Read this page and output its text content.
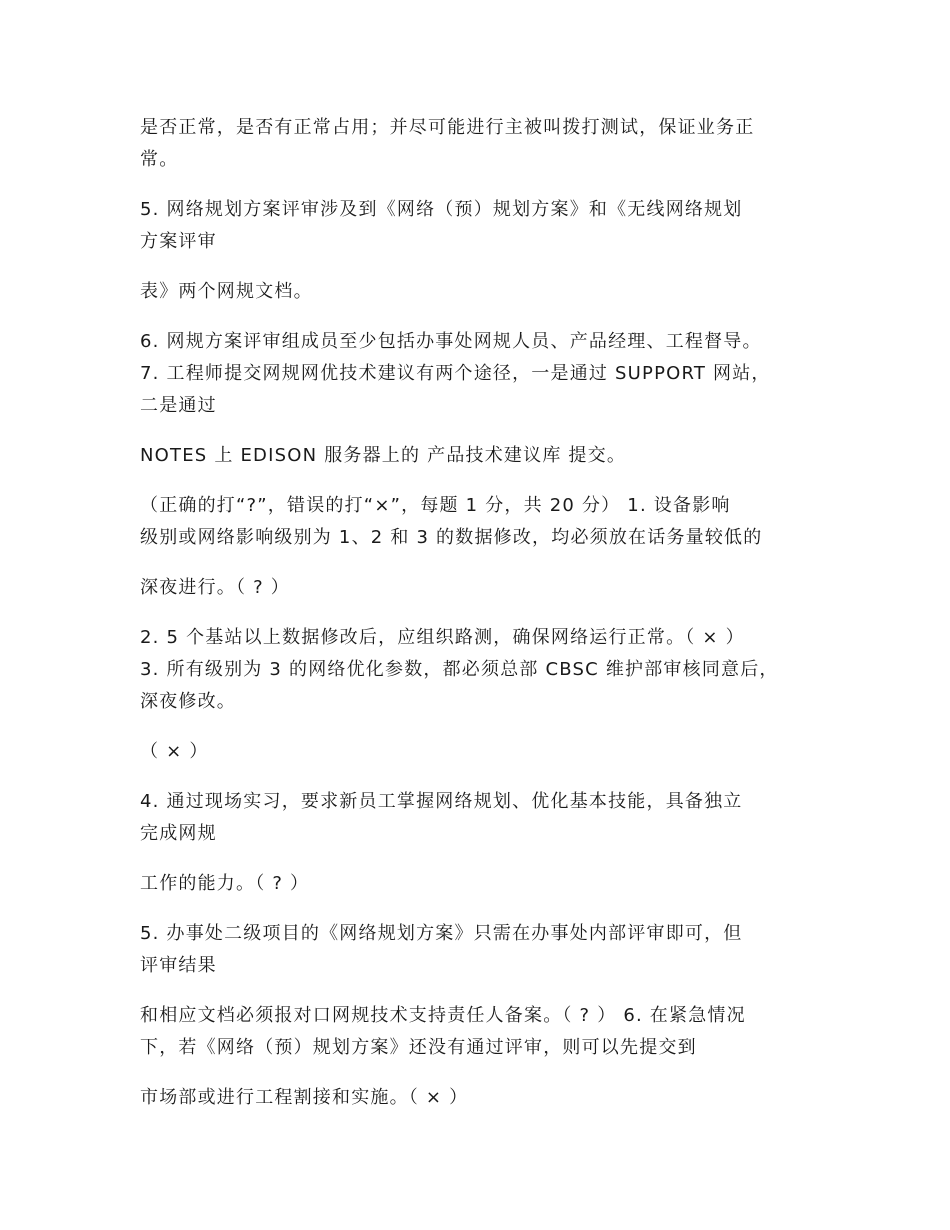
是否正常，是否有正常占用；并尽可能进行主被叫拨打测试，保证业务正
常。

5. 网络规划方案评审涉及到《网络（预）规划方案》和《无线网络规划
方案评审

表》两个网规文档。

6. 网规方案评审组成员至少包括办事处网规人员、产品经理、工程督导。
7. 工程师提交网规网优技术建议有两个途径，一是通过 SUPPORT 网站，
二是通过

NOTES 上 EDISON 服务器上的 产品技术建议库 提交。

（正确的打“?”，错误的打“×”，每题 1 分，共 20 分） 1. 设备影响
级别或网络影响级别为 1、2 和 3 的数据修改，均必须放在话务量较低的

深夜进行。（ ? ）

2. 5 个基站以上数据修改后，应组织路测，确保网络运行正常。（ × ）
3. 所有级别为 3 的网络优化参数，都必须总部 CBSC 维护部审核同意后，
深夜修改。

（ × ）

4. 通过现场实习，要求新员工掌握网络规划、优化基本技能，具备独立
完成网规

工作的能力。（ ? ）

5. 办事处二级项目的《网络规划方案》只需在办事处内部评审即可，但
评审结果

和相应文档必须报对口网规技术支持责任人备案。（ ? ） 6. 在紧急情况
下，若《网络（预）规划方案》还没有通过评审，则可以先提交到

市场部或进行工程割接和实施。（ × ）
